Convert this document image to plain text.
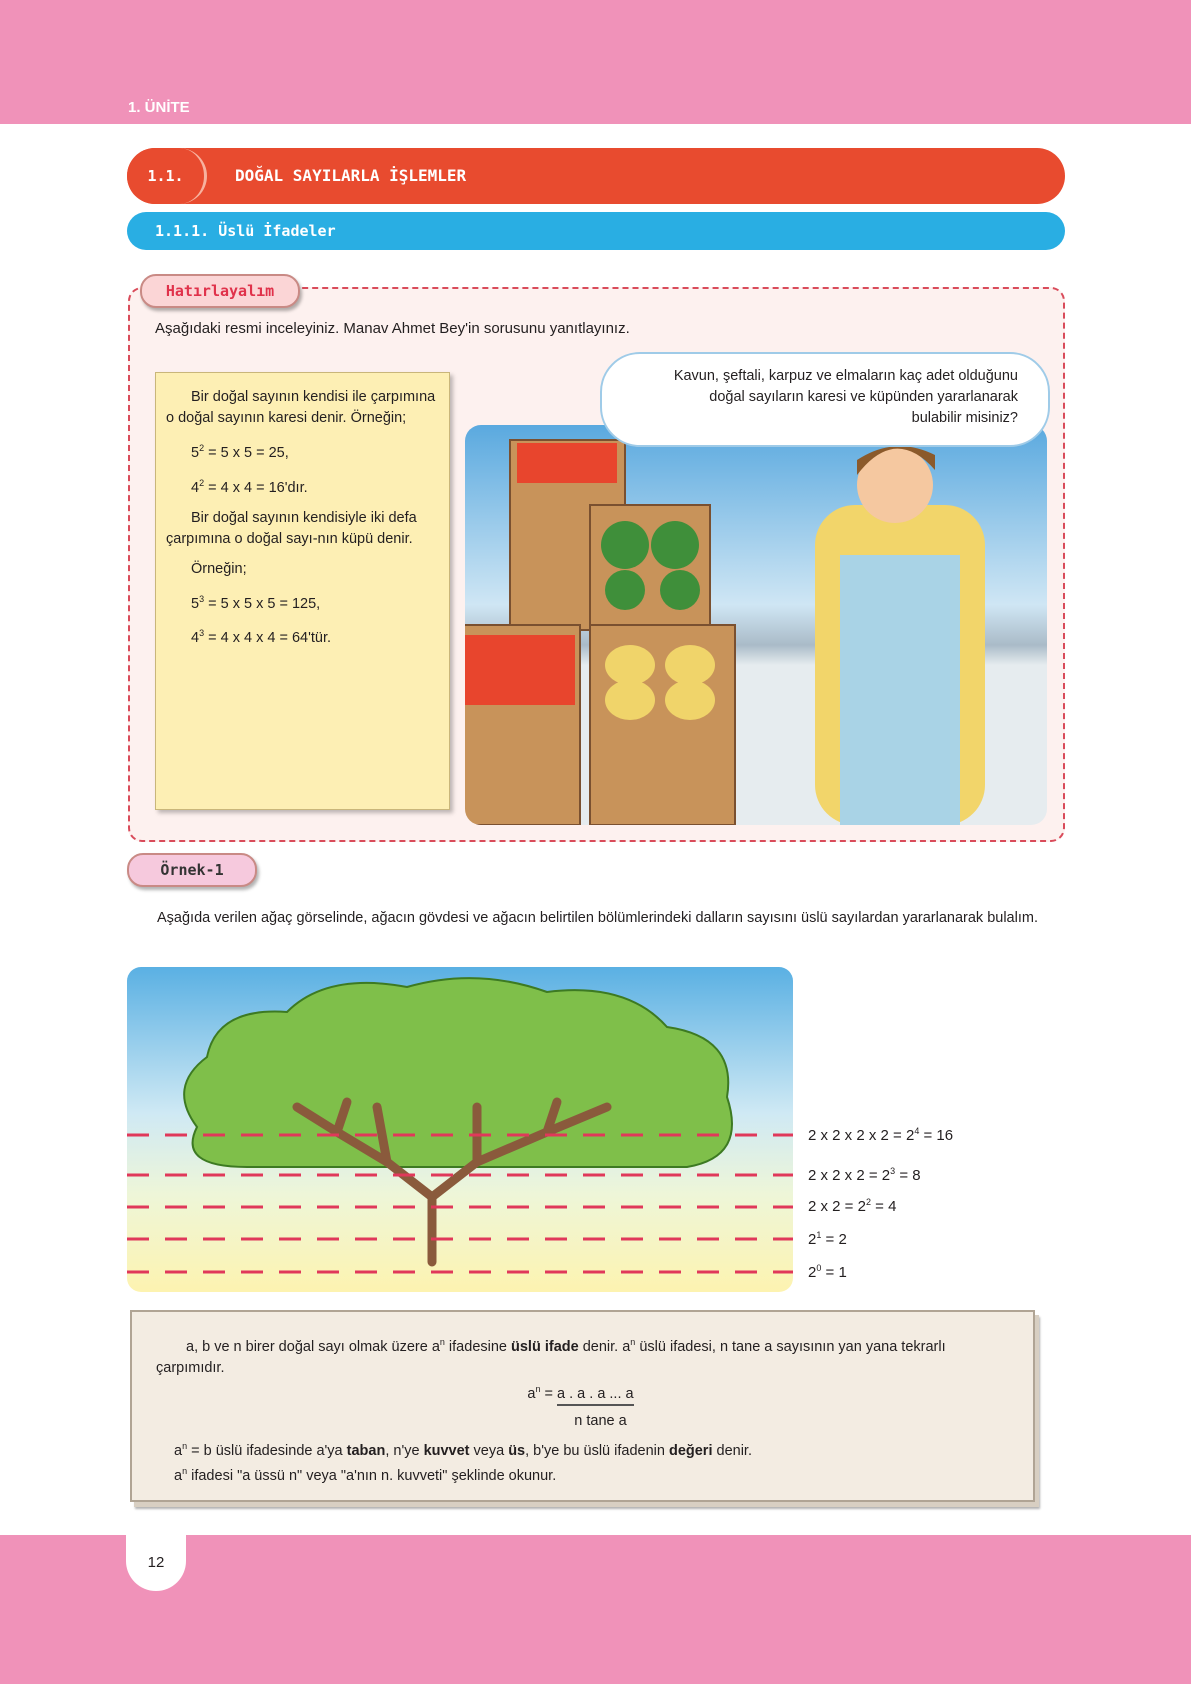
1. ÜNİTE
1.1.	DOĞAL SAYILARLA İŞLEMLER
1.1.1. Üslü İfadeler
Hatırlayalım
Aşağıdaki resmi inceleyiniz. Manav Ahmet Bey'in sorusunu yanıtlayınız.

Bir doğal sayının kendisi ile çarpımına o doğal sayının karesi denir. Örneğin;

$5^2 = 5$ x 5 = 25,

$4^2 = 4$ x 4 = 16'dır.

Bir doğal sayının kendisiyle iki defa çarpımına o doğal sayı-nın küpü denir.

Örneğin;

$5^3 = 5$ x 5 x 5 = 125,

$4^3 = 4$ x 4 x 4 = 64'tür.

Kavun, şeftali, karpuz ve elmaların kaç adet olduğunu doğal sayıların karesi ve küpünden yararlanarak bulabilir misiniz?
Örnek-1
Aşağıda verilen ağaç görselinde, ağacın gövdesi ve ağacın belirtilen bölümlerindeki dalların sayısını üslü sayılardan yararlanarak bulalım.
2 x 2 x 2 x $2 = 2^4 = 16$
2 x 2 x $2 = 2^3 = 8$
2 x $2 = 2^2 = 4$
$2^1 = 2$
$2^0 = 1$

a, b ve n birer doğal sayı olmak üzere $a^n$ ifadesine üslü ifade denir. $a^n$ üslü ifadesi, n tane a sayısının yan yana tekrarlı çarpımıdır.

$a^n = a$ . a . a ... a
n tane a

$a^n = b$ üslü ifadesinde a'ya taban, n'ye kuvvet veya üs, b'ye bu üslü ifadenin değeri denir.

$a^n$ ifadesi "a üssü n" veya "a'nın n. kuvveti" şeklinde okunur.

12
